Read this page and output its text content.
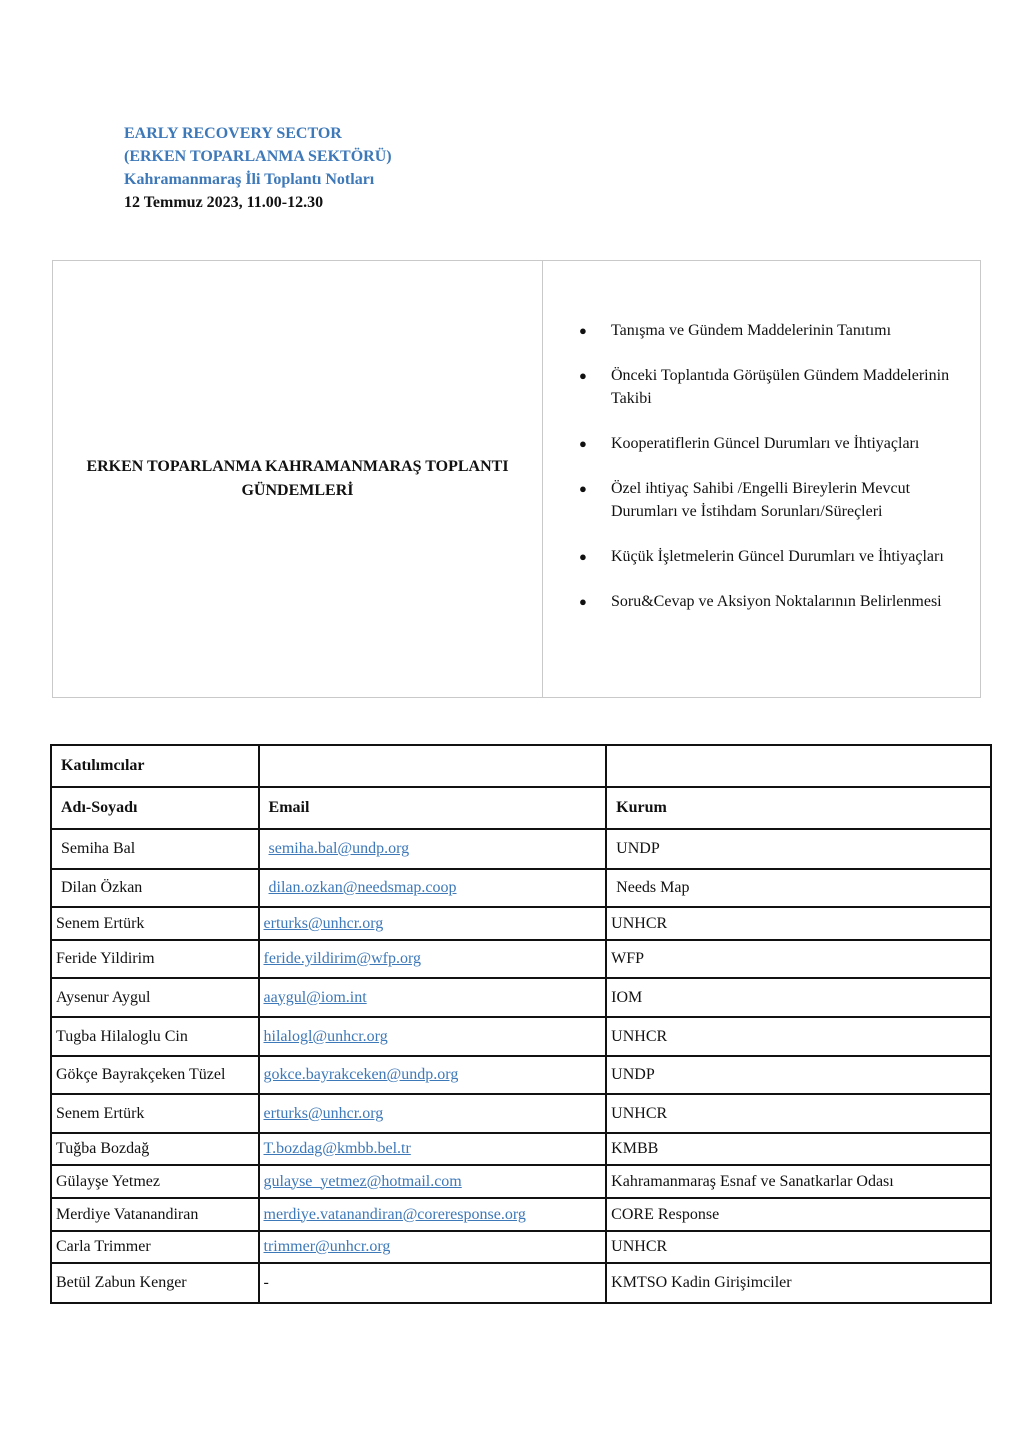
EARLY RECOVERY SECTOR
(ERKEN TOPARLANMA SEKTÖRÜ)
Kahramanmaraş İli Toplantı Notları
12 Temmuz 2023, 11.00-12.30
ERKEN TOPARLANMA KAHRAMANMARAŞ TOPLANTI GÜNDEMLERİ
● Tanışma ve Gündem Maddelerinin Tanıtımı
● Önceki Toplantıda Görüşülen Gündem Maddelerinin Takibi
● Kooperatiflerin Güncel Durumları ve İhtiyaçları
● Özel ihtiyaç Sahibi /Engelli Bireylerin Mevcut Durumları ve İstihdam Sorunları/Süreçleri
● Küçük İşletmelerin Güncel Durumları ve İhtiyaçları
● Soru&Cevap ve Aksiyon Noktalarının Belirlenmesi
Katılımcılar		
Adı-Soyadı	Email	Kurum
Semiha Bal	semiha.bal@undp.org	UNDP
Dilan Özkan	dilan.ozkan@needsmap.coop	Needs Map
Senem Ertürk	erturks@unhcr.org	UNHCR
Feride Yildirim	feride.yildirim@wfp.org	WFP
Aysenur Aygul	aaygul@iom.int	IOM
Tugba Hilaloglu Cin	hilalogl@unhcr.org	UNHCR
Gökçe Bayrakçeken Tüzel	gokce.bayrakceken@undp.org	UNDP
Senem Ertürk	erturks@unhcr.org	UNHCR
Tuğba Bozdağ	T.bozdag@kmbb.bel.tr	KMBB
Gülayşe Yetmez	gulayse_yetmez@hotmail.com	Kahramanmaraş Esnaf ve Sanatkarlar Odası
Merdiye Vatanandiran	merdiye.vatanandiran@coreresponse.org	CORE Response
Carla Trimmer	trimmer@unhcr.org	UNHCR
Betül Zabun Kenger	-	KMTSO Kadin Girişimciler
